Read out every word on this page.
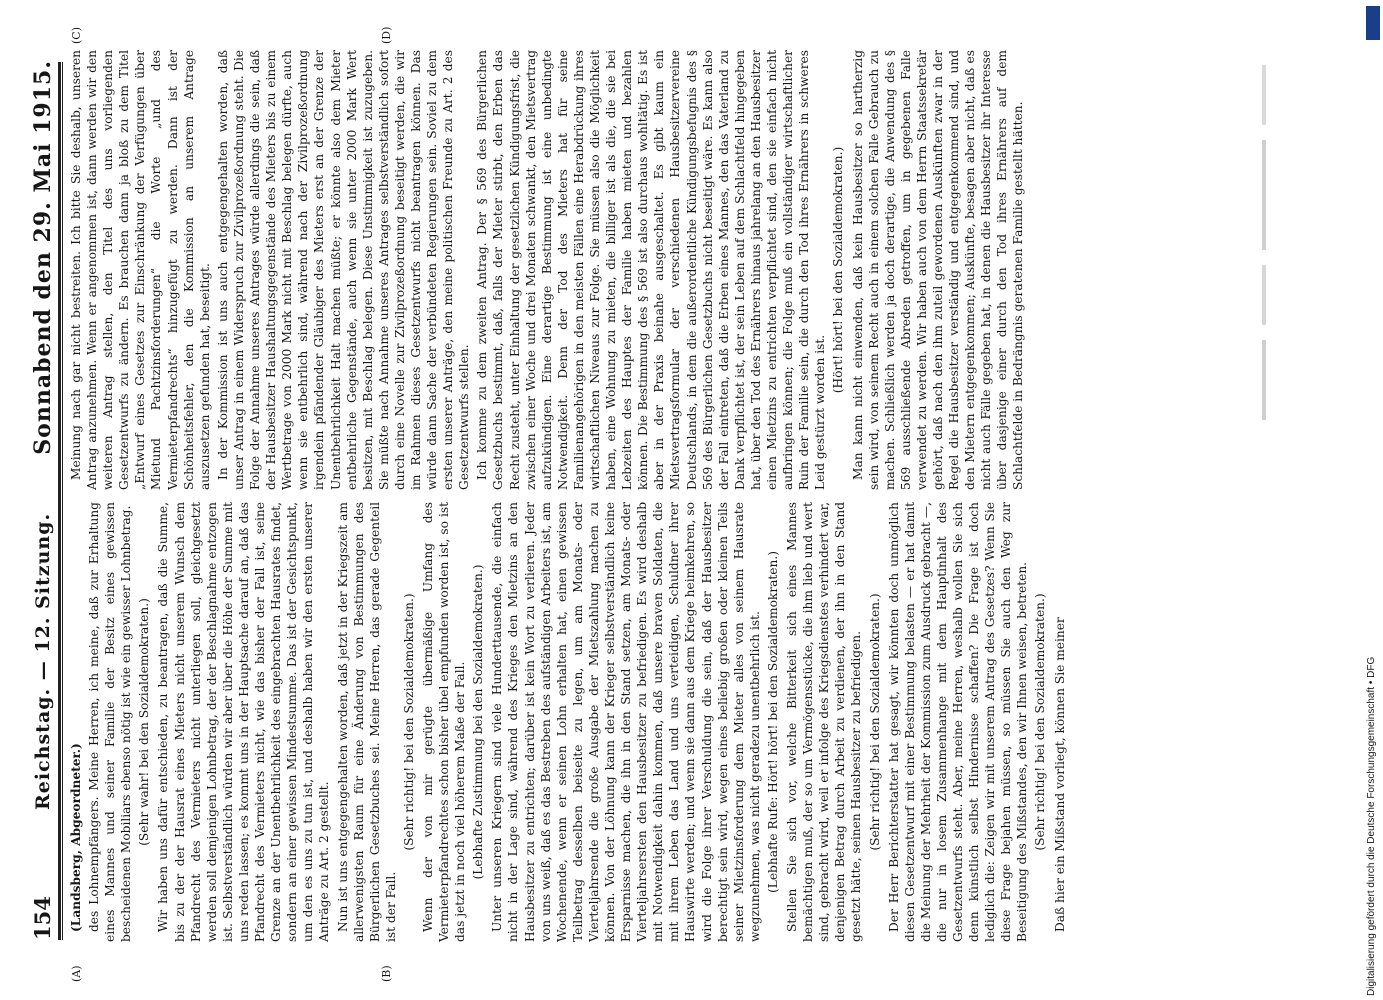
154
Reichstag. — 12. Sitzung.
Sonnabend den 29. Mai 1915.
(A)	(B)
(C)	(D)

(Landsberg, Abgeordneter.) des Lohnempfängers. Meine Herren, ich meine, daß zur Erhaltung eines Mannes und seiner Familie der Besitz eines gewissen bescheidenen Mobiliars ebenso nötig ist wie ein gewisser Lohnbetrag. (Sehr wahr! bei den Sozialdemokraten.) Wir haben uns dafür entschieden, zu beantragen, daß die Summe, bis zu der der Hausrat eines Mieters nicht unserem Wunsch dem Pfandrecht des Vermieters nicht unterliegen soll, gleichgesetzt werden soll demjenigen Lohnbetrag, der der Beschlagnahme entzogen ist. Selbstverständlich würden wir aber über die Höhe der Summe mit uns reden lassen; es kommt uns in der Hauptsache darauf an, daß das Pfandrecht des Vermieters nicht, wie das bisher der Fall ist, seine Grenze an der Unentbehrlichkeit des eingebrachten Hausrates findet, sondern an einer gewissen Mindestsumme. Das ist der Gesichtspunkt, um den es uns zu tun ist, und deshalb haben wir den ersten unserer Anträge zu Art. 2 gestellt. Nun ist uns entgegengehalten worden, daß jetzt in der Kriegszeit am allerwenigsten Raum für eine Änderung von Bestimmungen des Bürgerlichen Gesetzbuches sei. Meine Herren, das gerade Gegenteil ist der Fall.

(Sehr richtig! bei den Sozialdemokraten.) Wenn der von mir gerügte übermäßige Umfang des Vermieterpfandrechtes schon bisher übel empfunden worden ist, so ist das jetzt in noch viel höherem Maße der Fall. (Lebhafte Zustimmung bei den Sozialdemokraten.) Unter unseren Kriegern sind viele Hunderttausende, die einfach nicht in der Lage sind, während des Krieges den Mietzins an den Hausbesitzer zu entrichten; darüber ist kein Wort zu verlieren. Jeder von uns weiß, daß es das Bestreben des aufständigen Arbeiters ist, am Wochenende, wenn er seinen Lohn erhalten hat, einen gewissen Teilbetrag desselben beiseite zu legen, um am Monats- oder Vierteljahrsende die große Ausgabe der Mietszahlung machen zu können. Von der Löhnung kann der Krieger selbstverständlich keine Ersparnisse machen, die ihn in den Stand setzen, am Monats- oder Vierteljahrsersten den Hausbesitzer zu befriedigen. Es wird deshalb mit Notwendigkeit dahin kommen, daß unsere braven Soldaten, die mit ihrem Leben das Land und uns verteidigen, Schuldner ihrer Hauswirte werden; und wenn sie dann aus dem Kriege heimkehren, so wird die Folge ihrer Verschuldung die sein, daß der Hausbesitzer berechtigt sein wird, wegen eines beliebig großen oder kleinen Teils seiner Mietzinsforderung dem Mieter alles von seinem Hausrate wegzunehmen, was nicht geradezu unentbehrlich ist. (Lebhafte Rufe: Hört! hört! bei den Sozialdemokraten.) Stellen Sie sich vor, welche Bitterkeit sich eines Mannes bemächtigen muß, der so um Vermögensstücke, die ihm lieb und wert sind, gebracht wird, weil er infolge des Kriegsdienstes verhindert war, denjenigen Betrag durch Arbeit zu verdienen, der ihn in den Stand gesetzt hätte, seinen Hausbesitzer zu befriedigen. (Sehr richtig! bei den Sozialdemokraten.) Der Herr Berichterstatter hat gesagt, wir könnten doch unmöglich diesen Gesetzentwurf mit einer Bestimmung belasten — er hat damit die Meinung der Mehrheit der Kommission zum Ausdruck gebracht —, die nur in losem Zusammenhange mit dem Hauptinhalt des Gesetzentwurfs steht. Aber, meine Herren, weshalb wollen Sie sich denn künstlich selbst Hindernisse schaffen? Die Frage ist doch lediglich die: Zeigen wir mit unserem Antrag des Gesetzes? Wenn Sie diese Frage bejahen müssen, so müssen Sie auch den Weg zur Beseitigung des Mißstandes, den wir Ihnen weisen, betreten. (Sehr richtig! bei den Sozialdemokraten.) Daß hier ein Mißstand vorliegt, können Sie meiner

Meinung nach gar nicht bestreiten. Ich bitte Sie deshalb, unseren Antrag anzunehmen. Wenn er angenommen ist, dann werden wir den weiteren Antrag stellen, den Titel des uns vorliegenden Gesetzentwurfs zu ändern. Es brauchen dann ja bloß zu dem Titel „Entwurf eines Gesetzes zur Einschränkung der Verfügungen über Mietund Pachtzinsforderungen“ die Worte „und des Vermieterpfandrechts“ hinzugefügt zu werden. Dann ist der Schönheitsfehler, den die Kommission an unserem Antrage auszusetzen gefunden hat, beseitigt. In der Kommission ist uns auch entgegengehalten worden, daß unser Antrag in einem Widerspruch zur Zivilprozeßordnung steht. Die Folge der Annahme unseres Antrages würde allerdings die sein, daß der Hausbesitzer Haushaltungsgegenstände des Mieters bis zu einem Wertbetrage von 2000 Mark nicht mit Beschlag belegen dürfte, auch wenn sie entbehrlich sind, während nach der Zivilprozeßordnung irgendein pfändender Gläubiger des Mieters erst an der Grenze der Unentbehrlichkeit Halt machen müßte; er könnte also dem Mieter entbehrliche Gegenstände, auch wenn sie unter 2000 Mark Wert besitzen, mit Beschlag belegen. Diese Unstimmigkeit ist zuzugeben. Sie müßte nach Annahme unseres Antrages selbstverständlich sofort durch eine Novelle zur Zivilprozeßordnung beseitigt werden, die wir im Rahmen dieses Gesetzentwurfs nicht beantragen können. Das würde dann Sache der verbündeten Regierungen sein. Soviel zu dem ersten unserer Anträge, den meine politischen Freunde zu Art. 2 des Gesetzentwurfs stellen. Ich komme zu dem zweiten Antrag. Der § 569 des Bürgerlichen Gesetzbuchs bestimmt, daß, falls der Mieter stirbt, den Erben das Recht zusteht, unter Einhaltung der gesetzlichen Kündigungsfrist, die zwischen einer Woche und drei Monaten schwankt, den Mietsvertrag aufzukündigen. Eine derartige Bestimmung ist eine unbedingte Notwendigkeit. Denn der Tod des Mieters hat für seine Familienangehörigen in den meisten Fällen eine Herabdrückung ihres wirtschaftlichen Niveaus zur Folge. Sie müssen also die Möglichkeit haben, eine Wohnung zu mieten, die billiger ist als die, die sie bei Lebzeiten des Hauptes der Familie haben mieten und bezahlen können. Die Bestimmung des § 569 ist also durchaus wohltätig. Es ist aber in der Praxis beinahe ausgeschaltet. Es gibt kaum ein Mietsvertragsformular der verschiedenen Hausbesitzervereine Deutschlands, in dem die außerordentliche Kündigungsbefugnis des § 569 des Bürgerlichen Gesetzbuchs nicht beseitigt wäre. Es kann also der Fall eintreten, daß die Erben eines Mannes, den das Vaterland zu Dank verpflichtet ist, der sein Leben auf dem Schlachtfeld hingegeben hat, über den Tod des Ernährers hinaus jahrelang an den Hausbesitzer einen Mietzins zu entrichten verpflichtet sind, den sie einfach nicht aufbringen können; die Folge muß ein vollständiger wirtschaftlicher Ruin der Familie sein, die durch den Tod ihres Ernährers in schweres Leid gestürzt worden ist.

(Hört! hört! bei den Sozialdemokraten.) Man kann nicht einwenden, daß kein Hausbesitzer so hartherzig sein wird, von seinem Recht auch in einem solchen Falle Gebrauch zu machen. Schließlich werden ja doch derartige, die Anwendung des § 569 ausschließende Abreden getroffen, um in gegebenen Falle verwendet zu werden. Wir haben auch von dem Herrn Staatssekretär gehört, daß nach den ihm zuteil gewordenen Auskünften zwar in der Regel die Hausbesitzer verständig und entgegenkommend sind, und den Mietern entgegenkommen; Auskünfte, besagen aber nicht, daß es nicht auch Fälle gegeben hat, in denen die Hausbesitzer ihr Interesse über dasjenige einer durch den Tod ihres Ernährers auf dem Schlachtfelde in Bedrängnis geratenen Familie gestellt hätten.

Digitalisierung gefördert durch die Deutsche Forschungsgemeinschaft • DFG
